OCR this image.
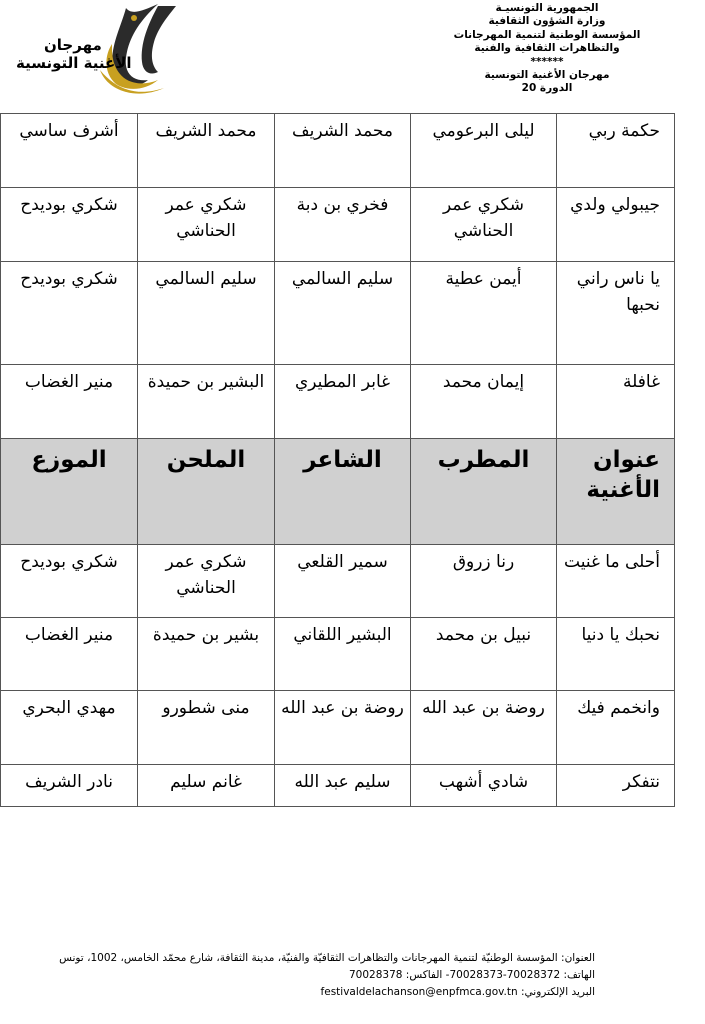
الجمهورية التونسيـة
وزارة الشؤون الثقافية
المؤسسة الوطنية لتنمية المهرجانات
والتظاهرات الثقافية والفنية
******
مهرجان الأغنية التونسية
الدورة 20
مهرجان
الأغنية التونسية
حكمة ربي	ليلى البرعومي	محمد الشريف	محمد الشريف	أشرف ساسي
جيبولي ولدي	شكري عمر الحناشي	فخري بن دبة	شكري عمر الحناشي	شكري بوديدح
يا ناس راني نحبها	أيمن عطية	سليم السالمي	سليم السالمي	شكري بوديدح
غافلة	إيمان محمد	غابر المطيري	البشير بن حميدة	منير الغضاب
عنوان الأغنية	المطرب	الشاعر	الملحن	الموزع
أحلى ما غنيت	رنا زروق	سمير القلعي	شكري عمر الحناشي	شكري بوديدح
نحبك يا دنيا	نبيل بن محمد	البشير اللقاني	بشير بن حميدة	منير الغضاب
وانخمم فيك	روضة بن عبد الله	روضة بن عبد الله	منى شطورو	مهدي البحري
نتفكر	شادي أشهب	سليم عبد الله	غانم سليم	نادر الشريف
العنوان: المؤسسة الوطنيّة لتنمية المهرجانات والتظاهرات الثقافيّة والفنيّة، مدينة الثقافة، شارع محمّد الخامس، 1002، تونس
الهاتف: 70028372-70028373- الفاكس: 70028378
البريد الإلكتروني: festivaldelachanson@enpfmca.gov.tn
